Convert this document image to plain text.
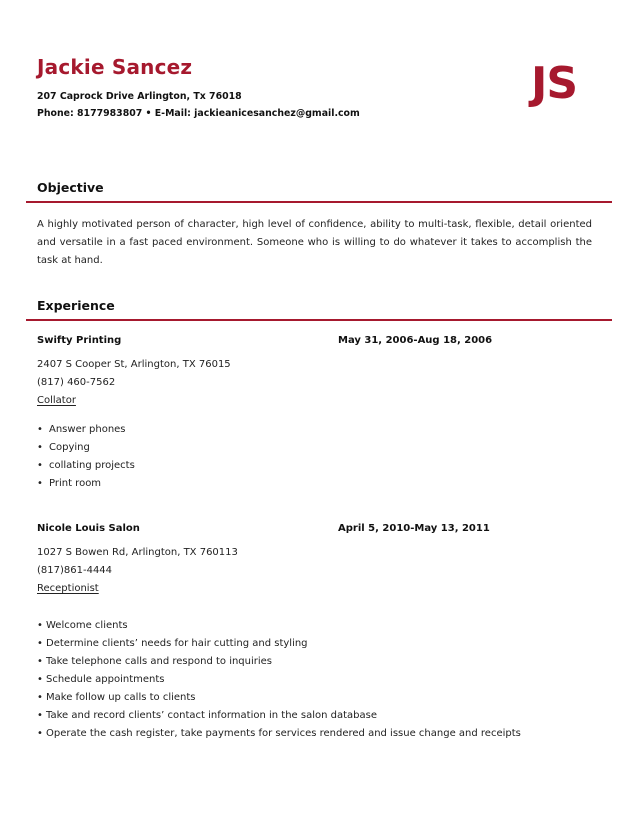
Jackie Sancez	JS
207 Caprock Drive Arlington, Tx 76018
Phone: 8177983807 • E-Mail: jackieanicesanchez@gmail.com
Objective
A highly motivated person of character, high level of confidence, ability to multi-task, flexible, detail oriented and versatile in a fast paced environment. Someone who is willing to do whatever it takes to accomplish the task at hand.
Experience
Swifty Printing	May 31, 2006-Aug 18, 2006
2407 S Cooper St, Arlington, TX 76015
(817) 460-7562
Collator
• Answer phones
• Copying
• collating projects
• Print room
Nicole Louis Salon	April 5, 2010-May 13, 2011
1027 S Bowen Rd, Arlington, TX 760113
(817)861-4444
Receptionist
• Welcome clients
• Determine clients’ needs for hair cutting and styling
• Take telephone calls and respond to inquiries
• Schedule appointments
• Make follow up calls to clients
• Take and record clients’ contact information in the salon database
• Operate the cash register, take payments for services rendered and issue change and receipts
